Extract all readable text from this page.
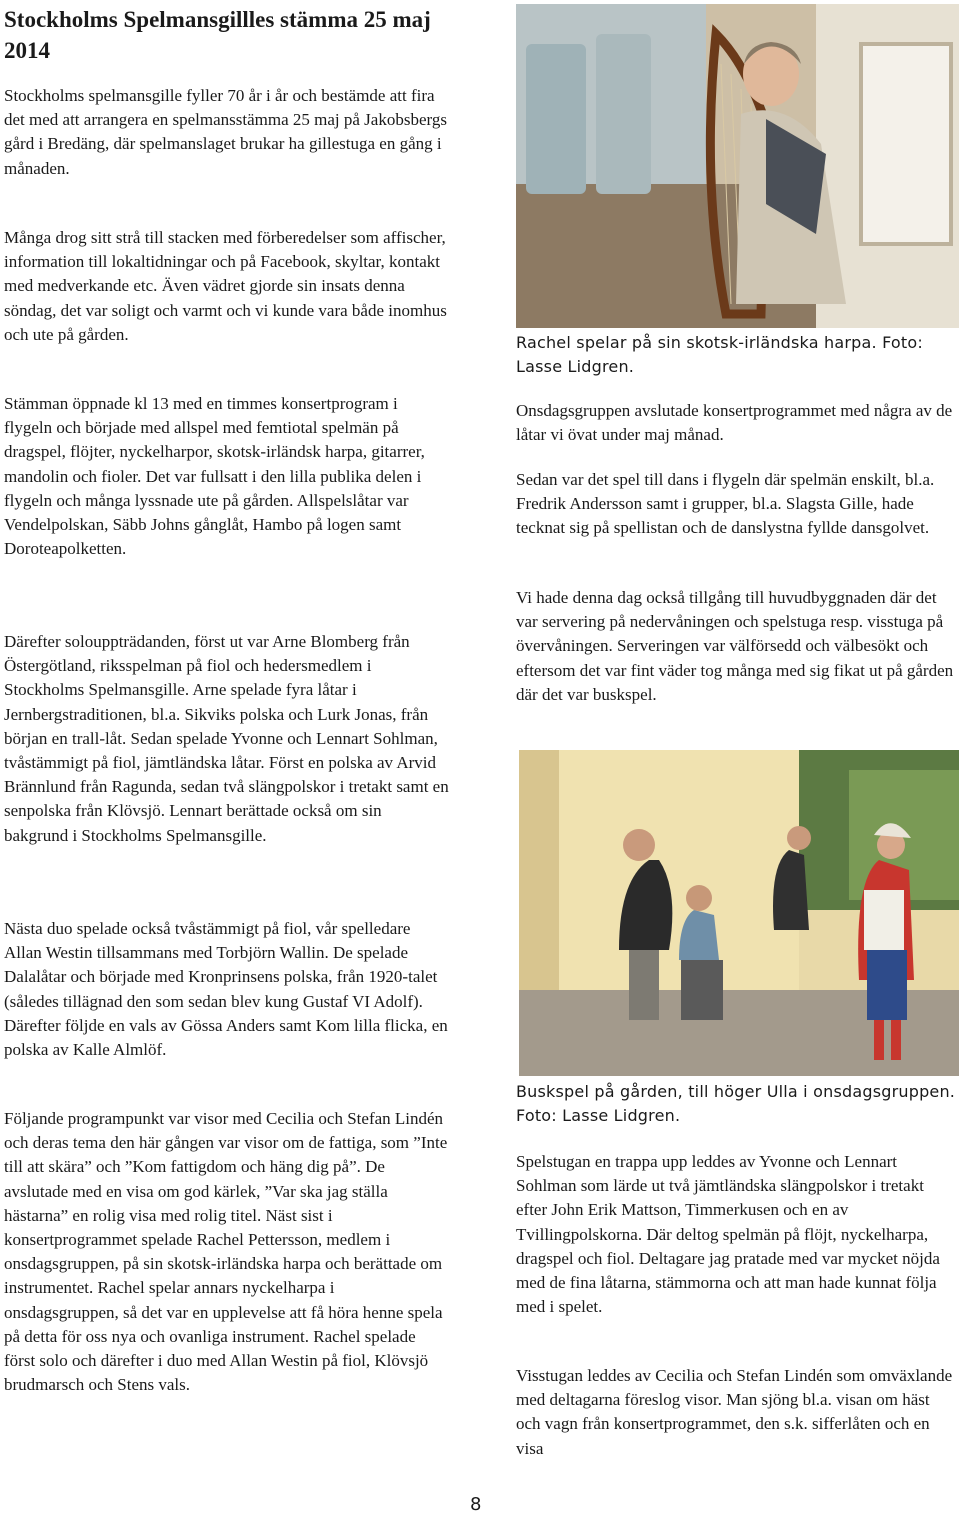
Stockholms Spelmansgillles stämma 25 maj 2014

Stockholms spelmansgille fyller 70 år i år och bestämde att fira det med att arrangera en spelmansstämma 25 maj på Jakobsbergs gård i Bredäng, där spelmanslaget brukar ha gillestuga en gång i månaden.

Många drog sitt strå till stacken med förberedelser som affischer, information till lokaltidningar och på Facebook, skyltar, kontakt med medverkande etc. Även vädret gjorde sin insats denna söndag, det var soligt och varmt och vi kunde vara både inomhus och ute på gården.

Stämman öppnade kl 13 med en timmes konsertprogram i flygeln och började med allspel med femtiotal spelmän på dragspel, flöjter, nyckelharpor, skotsk-irländsk harpa, gitarrer, mandolin och fioler. Det var fullsatt i den lilla publika delen i flygeln och många lyssnade ute på gården. Allspelslåtar var Vendelpolskan, Säbb Johns gånglåt, Hambo på logen samt Doroteapolketten.

Därefter solouppträdanden, först ut var Arne Blomberg från Östergötland, riksspelman på fiol och hedersmedlem i Stockholms Spelmansgille. Arne spelade fyra låtar i Jernbergstraditionen, bl.a. Sikviks polska och Lurk Jonas, från början en trall-låt. Sedan spelade Yvonne och Lennart Sohlman, tvåstämmigt på fiol, jämtländska låtar. Först en polska av Arvid Brännlund från Ragunda, sedan två slängpolskor i tretakt samt en senpolska från Klövsjö. Lennart berättade också om sin bakgrund i Stockholms Spelmansgille.

Nästa duo spelade också tvåstämmigt på fiol, vår spelledare Allan Westin tillsammans med Torbjörn Wallin. De spelade Dalalåtar och började med Kronprinsens polska, från 1920-talet (således tillägnad den som sedan blev kung Gustaf VI Adolf). Därefter följde en vals av Gössa Anders samt Kom lilla flicka, en polska av Kalle Almlöf.

Följande programpunkt var visor med Cecilia och Stefan Lindén och deras tema den här gången var visor om de fattiga, som ”Inte till att skära” och ”Kom fattigdom och häng dig på”. De avslutade med en visa om god kärlek, ”Var ska jag ställa hästarna” en rolig visa med rolig titel. Näst sist i konsertprogrammet spelade Rachel Pettersson, medlem i onsdagsgruppen, på sin skotsk-irländska harpa och berättade om instrumentet. Rachel spelar annars nyckelharpa i onsdagsgruppen, så det var en upplevelse att få höra henne spela på detta för oss nya och ovanliga instrument. Rachel spelade först solo och därefter i duo med Allan Westin på fiol, Klövsjö brudmarsch och Stens vals.

Rachel spelar på sin skotsk-irländska harpa. Foto: Lasse Lidgren.

Onsdagsgruppen avslutade konsertprogrammet med några av de låtar vi övat under maj månad.

Sedan var det spel till dans i flygeln där spelmän enskilt, bl.a. Fredrik Andersson samt i grupper, bl.a. Slagsta Gille, hade tecknat sig på spellistan och de danslystna fyllde dansgolvet.

Vi hade denna dag också tillgång till huvudbyggnaden där det var servering på nedervåningen och spelstuga resp. visstuga på övervåningen. Serveringen var välförsedd och välbesökt och eftersom det var fint väder tog många med sig fikat ut på gården där det var buskspel.

Buskspel på gården, till höger Ulla i onsdagsgruppen. Foto: Lasse Lidgren.

Spelstugan en trappa upp leddes av Yvonne och Lennart Sohlman som lärde ut två jämtländska slängpolskor i tretakt efter John Erik Mattson, Timmerkusen och en av Tvillingpolskorna. Där deltog spelmän på flöjt, nyckelharpa, dragspel och fiol. Deltagare jag pratade med var mycket nöjda med de fina låtarna, stämmorna och att man hade kunnat följa med i spelet.

Visstugan leddes av Cecilia och Stefan Lindén som omväxlande med deltagarna föreslog visor. Man sjöng bl.a. visan om häst och vagn från konsertprogrammet, den s.k. sifferlåten och en visa

8
